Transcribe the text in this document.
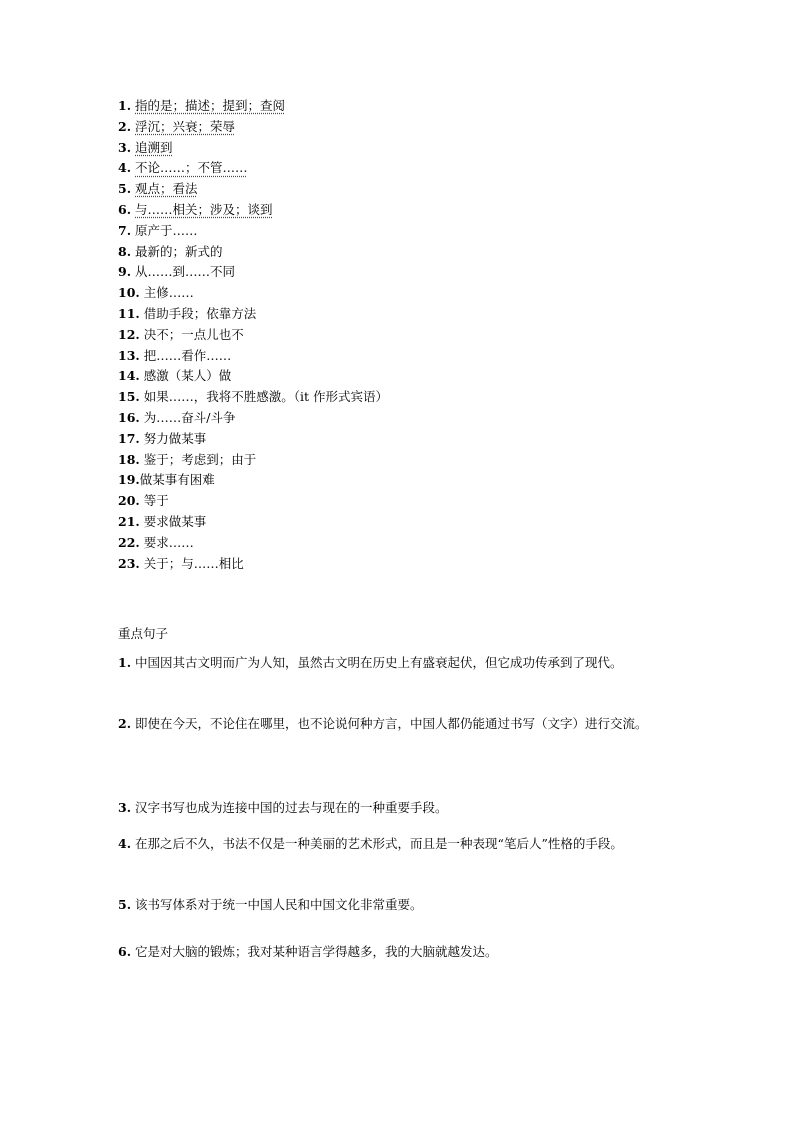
1. 指的是；描述；提到；查阅
2. 浮沉；兴衰；荣辱
3. 追溯到
4. 不论……；不管……
5. 观点；看法
6. 与……相关；涉及；谈到
7. 原产于……
8. 最新的；新式的
9. 从……到……不同
10. 主修……
11. 借助手段；依靠方法
12. 决不；一点儿也不
13. 把……看作……
14. 感激（某人）做
15. 如果……，我将不胜感激。（it 作形式宾语）
16. 为……奋斗/斗争
17. 努力做某事
18. 鉴于；考虑到；由于
19.做某事有困难
20. 等于
21. 要求做某事
22. 要求……
23. 关于；与……相比
重点句子

1. 中国因其古文明而广为人知，虽然古文明在历史上有盛衰起伏，但它成功传承到了现代。

2. 即使在今天，不论住在哪里，也不论说何种方言，中国人都仍能通过书写（文字）进行交流。

3. 汉字书写也成为连接中国的过去与现在的一种重要手段。

4. 在那之后不久，书法不仅是一种美丽的艺术形式，而且是一种表现“笔后人”性格的手段。

5. 该书写体系对于统一中国人民和中国文化非常重要。

6. 它是对大脑的锻炼；我对某种语言学得越多，我的大脑就越发达。
